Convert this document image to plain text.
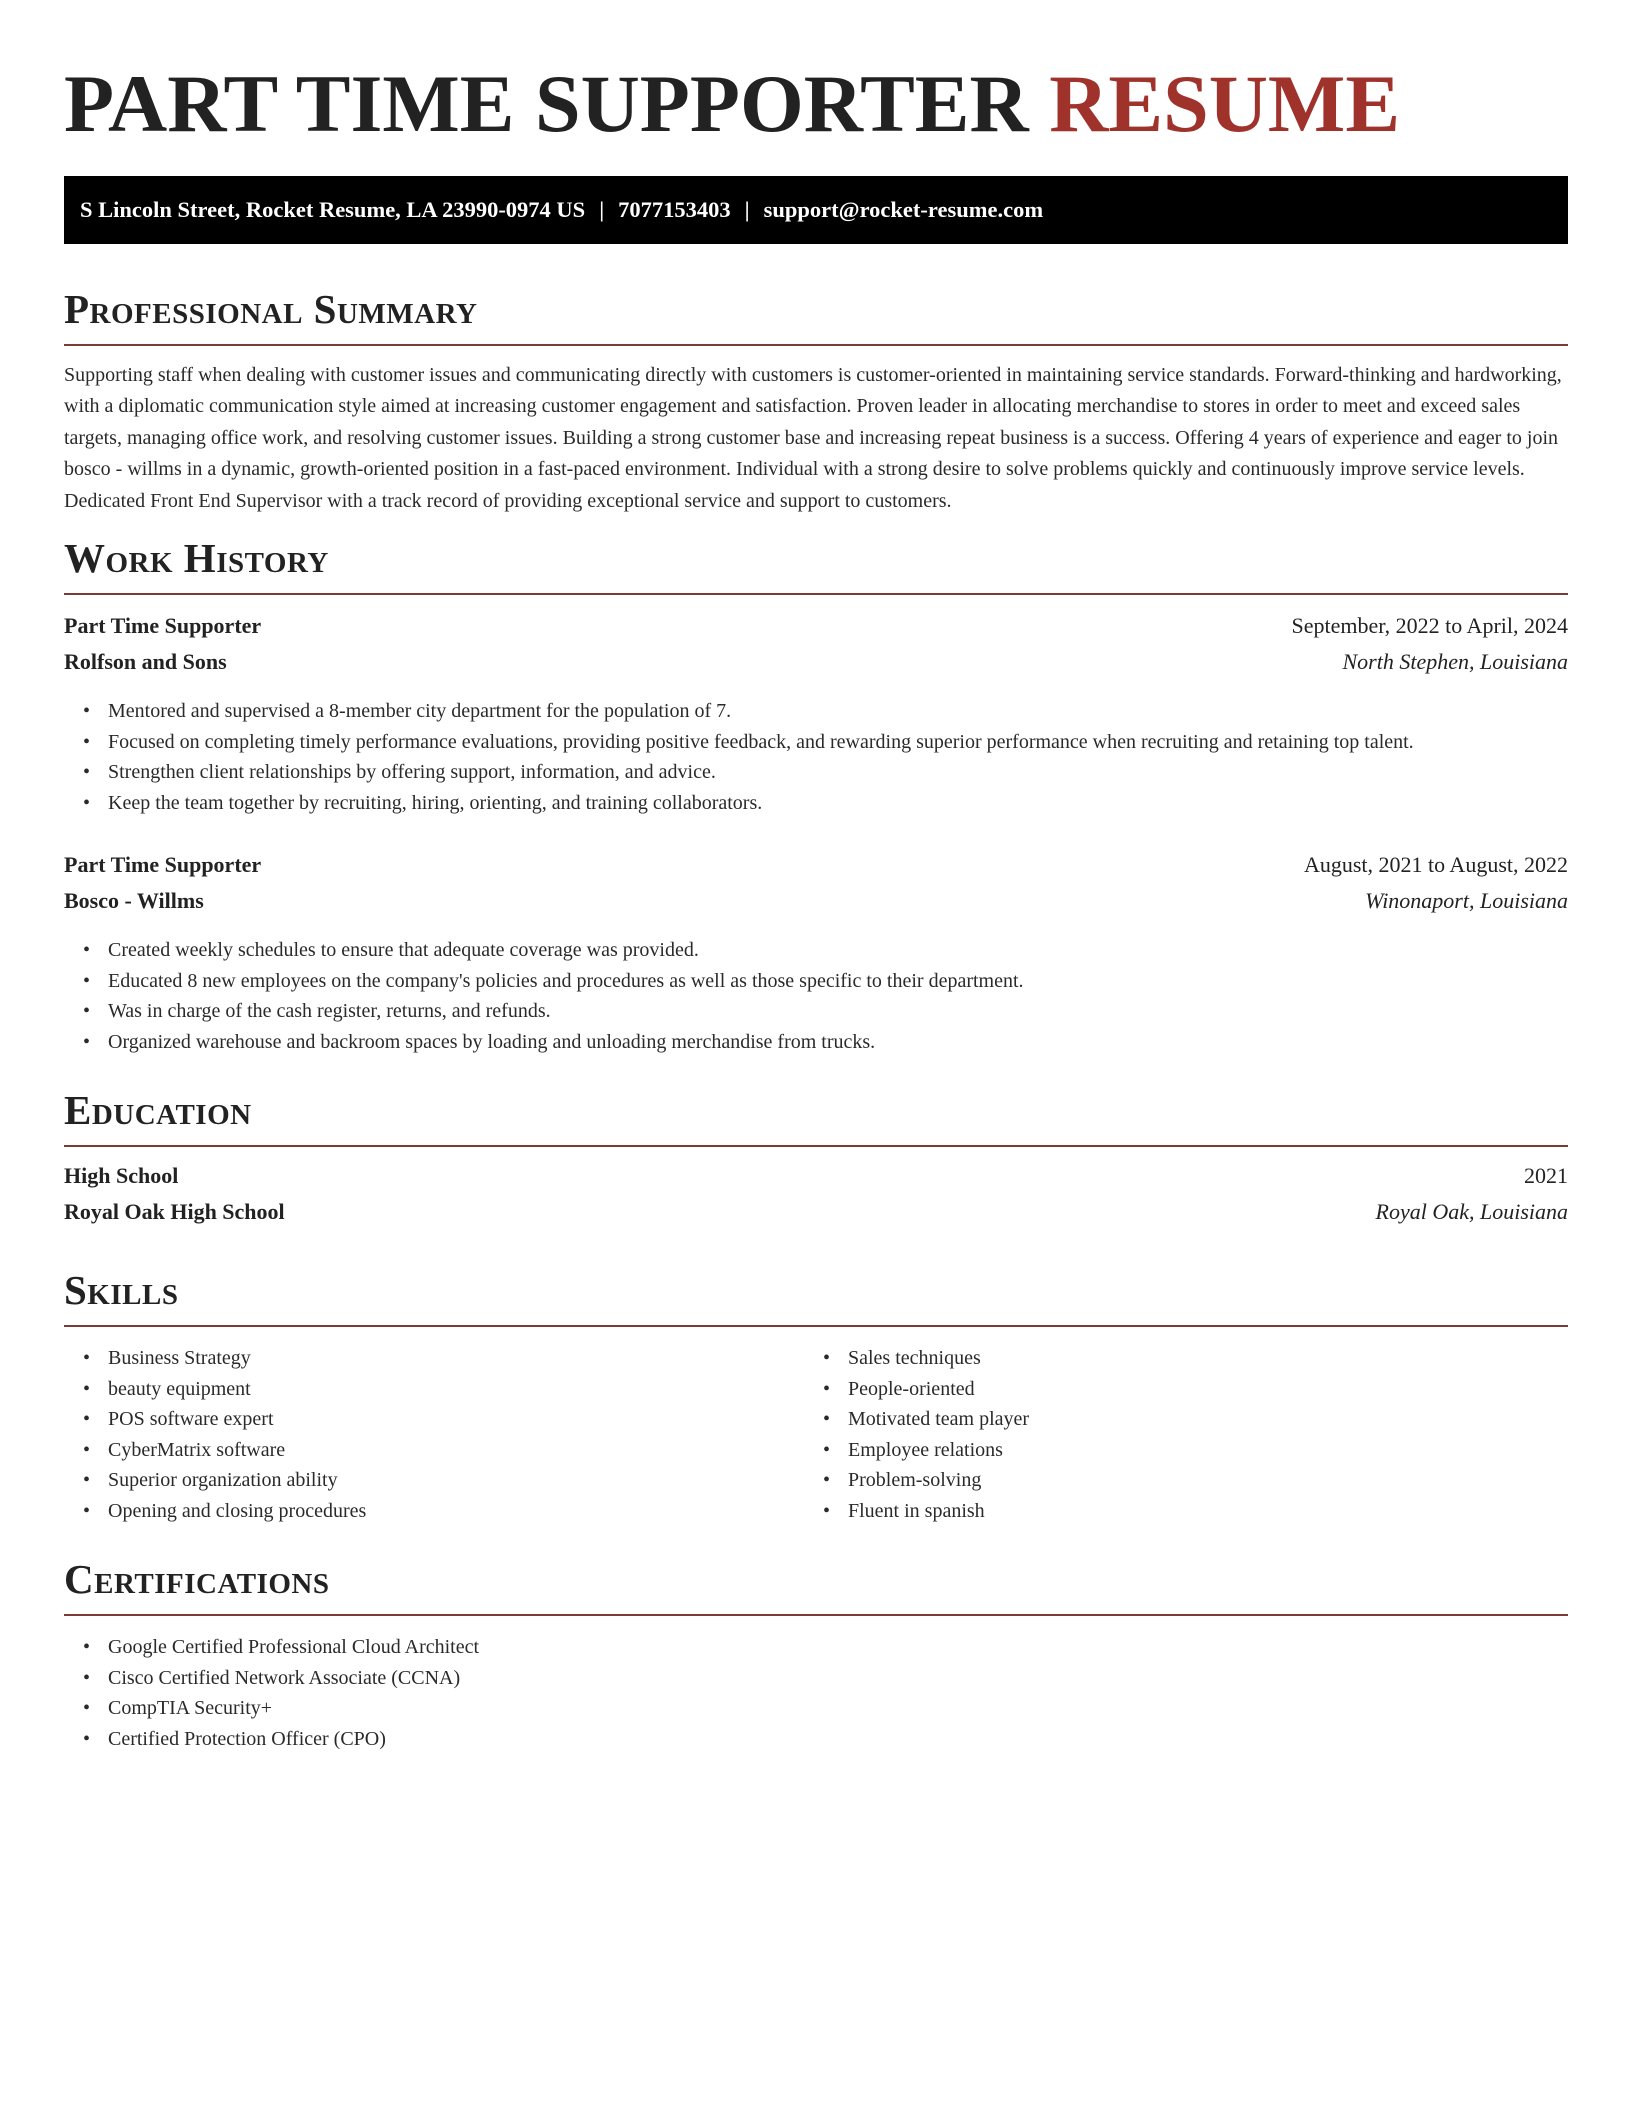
PART TIME SUPPORTER RESUME
S Lincoln Street, Rocket Resume, LA 23990-0974 US | 7077153403 | support@rocket-resume.com
Professional Summary

Supporting staff when dealing with customer issues and communicating directly with customers is customer-oriented in maintaining service standards. Forward-thinking and hardworking, with a diplomatic communication style aimed at increasing customer engagement and satisfaction. Proven leader in allocating merchandise to stores in order to meet and exceed sales targets, managing office work, and resolving customer issues. Building a strong customer base and increasing repeat business is a success. Offering 4 years of experience and eager to join bosco - willms in a dynamic, growth-oriented position in a fast-paced environment. Individual with a strong desire to solve problems quickly and continuously improve service levels. Dedicated Front End Supervisor with a track record of providing exceptional service and support to customers.

Work History
Part Time Supporter	September, 2022 to April, 2024
Rolfson and Sons	North Stephen, Louisiana
• Mentored and supervised a 8-member city department for the population of 7.
• Focused on completing timely performance evaluations, providing positive feedback, and rewarding superior performance when recruiting and retaining top talent.
• Strengthen client relationships by offering support, information, and advice.
• Keep the team together by recruiting, hiring, orienting, and training collaborators.
Part Time Supporter	August, 2021 to August, 2022
Bosco - Willms	Winonaport, Louisiana
• Created weekly schedules to ensure that adequate coverage was provided.
• Educated 8 new employees on the company's policies and procedures as well as those specific to their department.
• Was in charge of the cash register, returns, and refunds.
• Organized warehouse and backroom spaces by loading and unloading merchandise from trucks.
Education
High School	2021
Royal Oak High School	Royal Oak, Louisiana
Skills
• Business Strategy
• beauty equipment
• POS software expert
• CyberMatrix software
• Superior organization ability
• Opening and closing procedures
• Sales techniques
• People-oriented
• Motivated team player
• Employee relations
• Problem-solving
• Fluent in spanish
Certifications
• Google Certified Professional Cloud Architect
• Cisco Certified Network Associate (CCNA)
• CompTIA Security+
• Certified Protection Officer (CPO)
